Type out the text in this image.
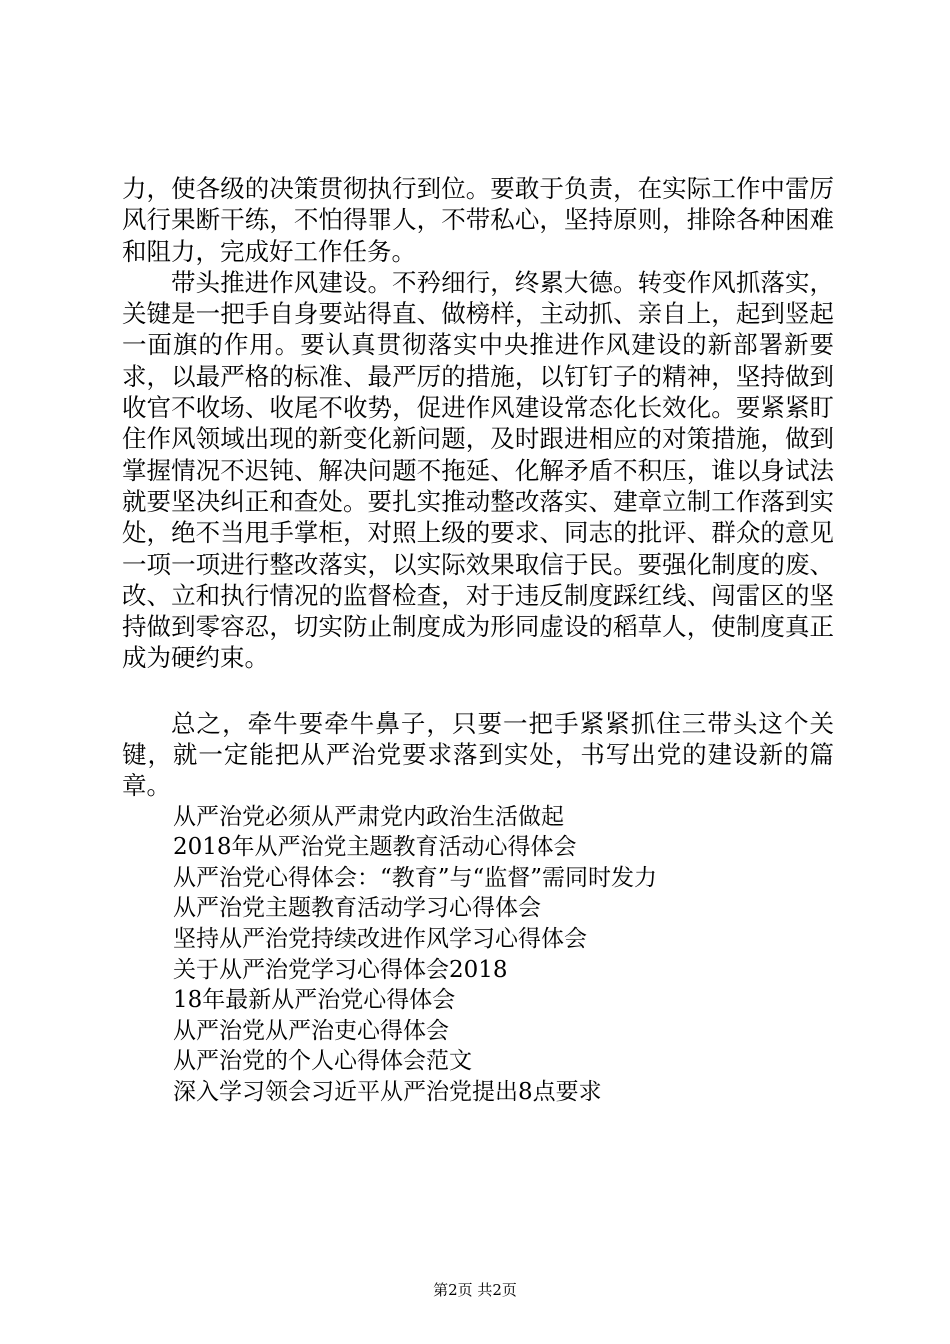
力，使各级的决策贯彻执行到位。要敢于负责，在实际工作中雷厉风行果断干练，不怕得罪人，不带私心，坚持原则，排除各种困难和阻力，完成好工作任务。

带头推进作风建设。不矜细行，终累大德。转变作风抓落实，关键是一把手自身要站得直、做榜样，主动抓、亲自上，起到竖起一面旗的作用。要认真贯彻落实中央推进作风建设的新部署新要求，以最严格的标准、最严厉的措施，以钉钉子的精神，坚持做到收官不收场、收尾不收势，促进作风建设常态化长效化。要紧紧盯住作风领域出现的新变化新问题，及时跟进相应的对策措施，做到掌握情况不迟钝、解决问题不拖延、化解矛盾不积压，谁以身试法就要坚决纠正和查处。要扎实推动整改落实、建章立制工作落到实处，绝不当甩手掌柜，对照上级的要求、同志的批评、群众的意见一项一项进行整改落实，以实际效果取信于民。要强化制度的废、改、立和执行情况的监督检查，对于违反制度踩红线、闯雷区的坚持做到零容忍，切实防止制度成为形同虚设的稻草人，使制度真正成为硬约束。

总之，牵牛要牵牛鼻子，只要一把手紧紧抓住三带头这个关键，就一定能把从严治党要求落到实处，书写出党的建设新的篇章。

从严治党必须从严肃党内政治生活做起
2018年从严治党主题教育活动心得体会
从严治党心得体会：“教育”与“监督”需同时发力
从严治党主题教育活动学习心得体会
坚持从严治党持续改进作风学习心得体会
关于从严治党学习心得体会2018
18年最新从严治党心得体会
从严治党从严治吏心得体会
从严治党的个人心得体会范文
深入学习领会习近平从严治党提出8点要求
第2页 共2页
